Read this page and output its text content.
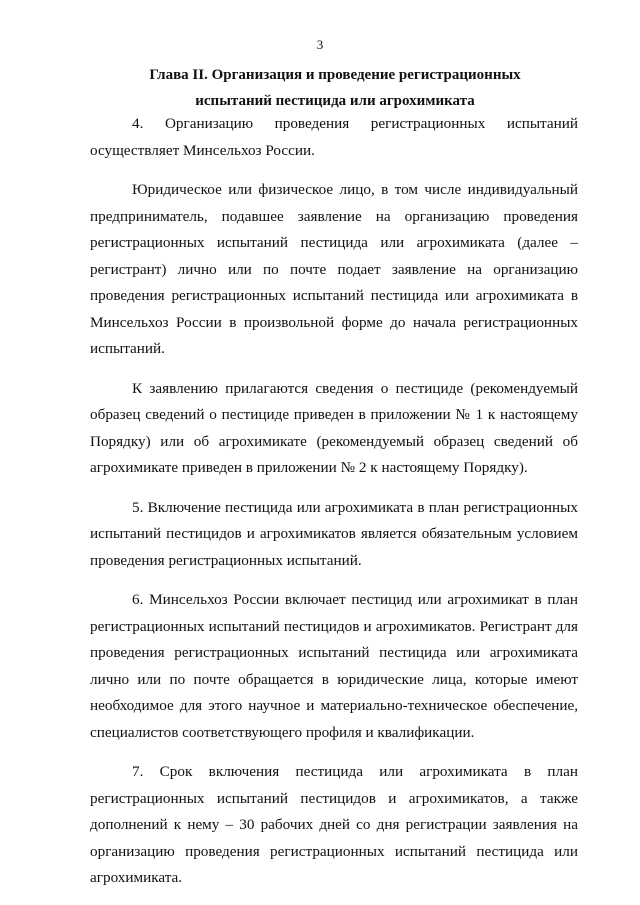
3
Глава II. Организация и проведение регистрационных
испытаний пестицида или агрохимиката

4. Организацию проведения регистрационных испытаний осуществляет Минсельхоз России.

Юридическое или физическое лицо, в том числе индивидуальный предприниматель, подавшее заявление на организацию проведения регистрационных испытаний пестицида или агрохимиката (далее – регистрант) лично или по почте подает заявление на организацию проведения регистрационных испытаний пестицида или агрохимиката в Минсельхоз России в произвольной форме до начала регистрационных испытаний.

К заявлению прилагаются сведения о пестициде (рекомендуемый образец сведений о пестициде приведен в приложении № 1 к настоящему Порядку) или об агрохимикате (рекомендуемый образец сведений об агрохимикате приведен в приложении № 2 к настоящему Порядку).

5. Включение пестицида или агрохимиката в план регистрационных испытаний пестицидов и агрохимикатов является обязательным условием проведения регистрационных испытаний.

6. Минсельхоз России включает пестицид или агрохимикат в план регистрационных испытаний пестицидов и агрохимикатов. Регистрант для проведения регистрационных испытаний пестицида или агрохимиката лично или по почте обращается в юридические лица, которые имеют необходимое для этого научное и материально-техническое обеспечение, специалистов соответствующего профиля и квалификации.

7. Срок включения пестицида или агрохимиката в план регистрационных испытаний пестицидов и агрохимикатов, а также дополнений к нему – 30 рабочих дней со дня регистрации заявления на организацию проведения регистрационных испытаний пестицида или агрохимиката.
